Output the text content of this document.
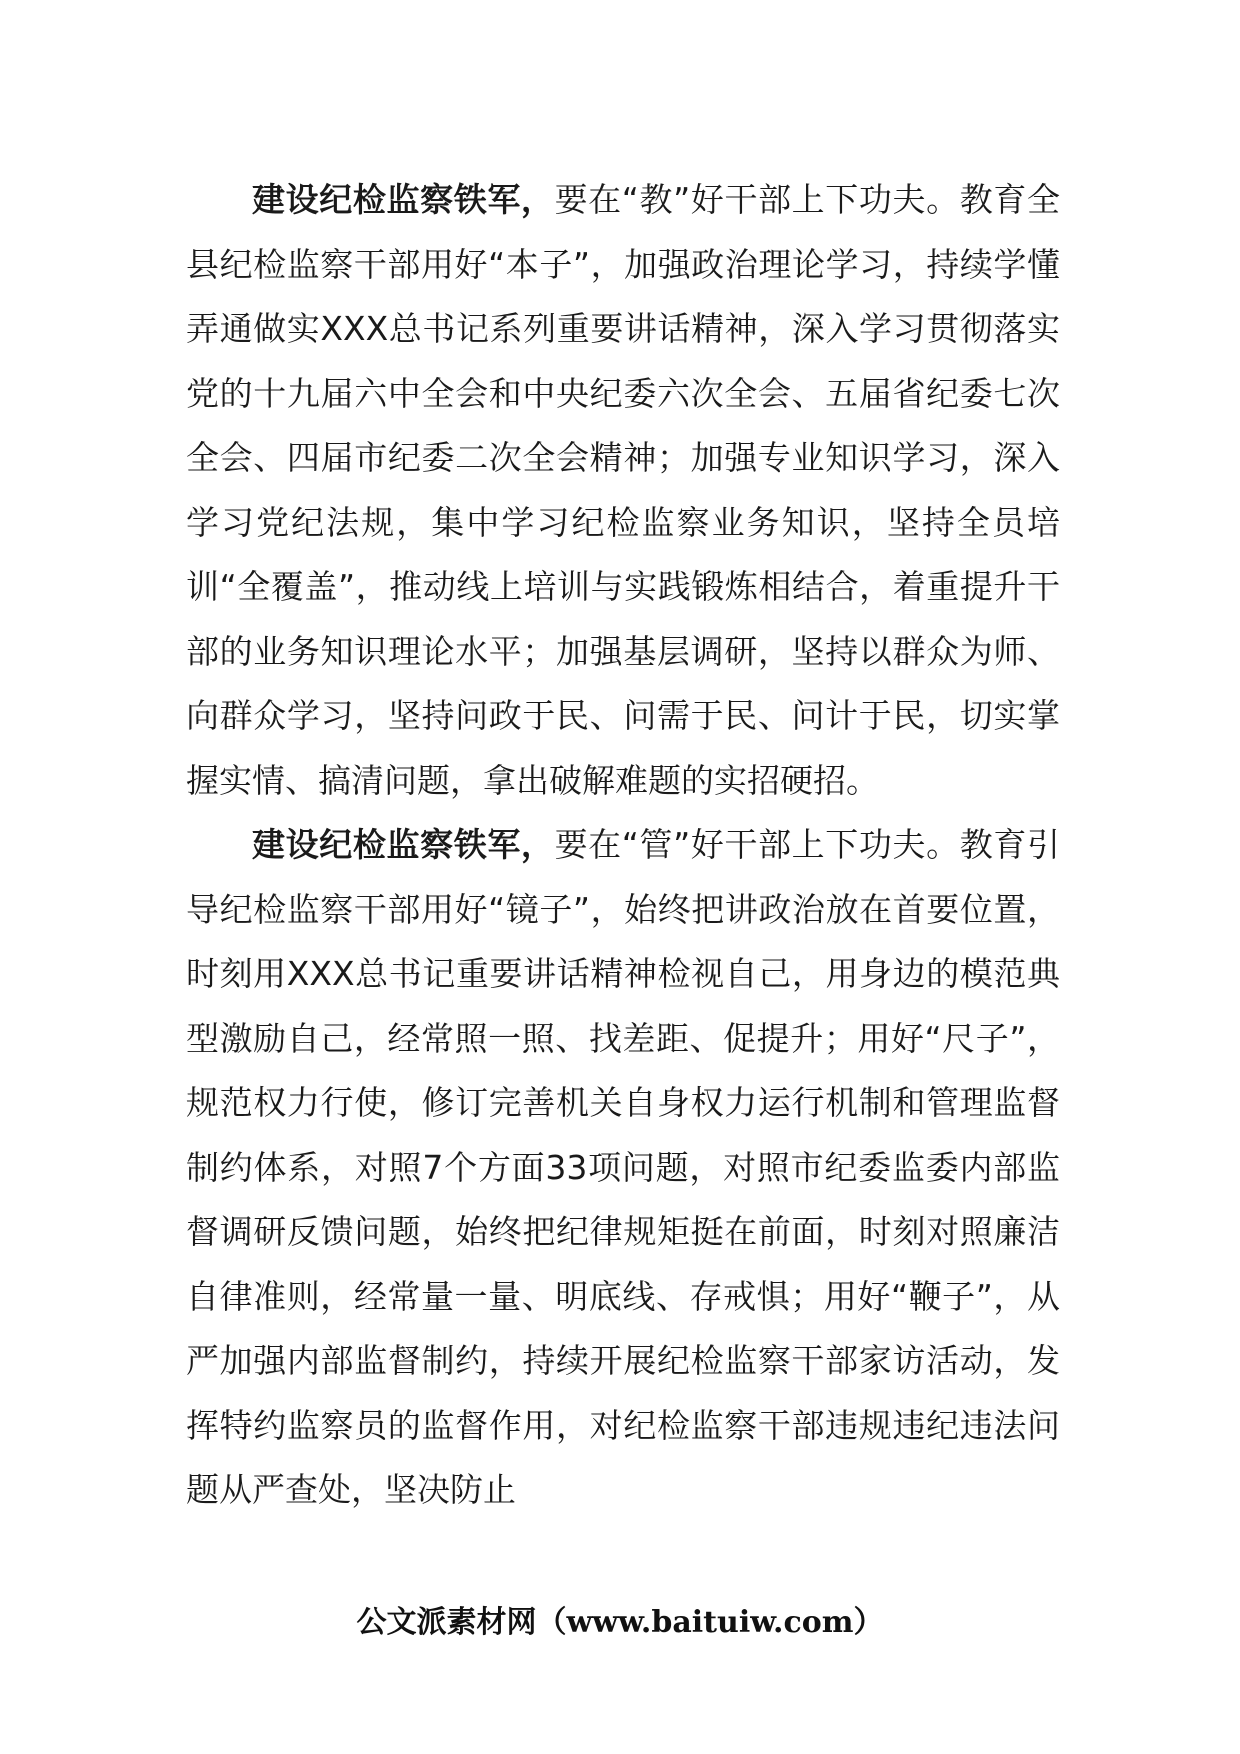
建设纪检监察铁军，要在“教”好干部上下功夫。教育全县纪检监察干部用好“本子”，加强政治理论学习，持续学懂弄通做实XXX总书记系列重要讲话精神，深入学习贯彻落实党的十九届六中全会和中央纪委六次全会、五届省纪委七次全会、四届市纪委二次全会精神；加强专业知识学习，深入学习党纪法规，集中学习纪检监察业务知识，坚持全员培训“全覆盖”，推动线上培训与实践锻炼相结合，着重提升干部的业务知识理论水平；加强基层调研，坚持以群众为师、向群众学习，坚持问政于民、问需于民、问计于民，切实掌握实情、搞清问题，拿出破解难题的实招硬招。

建设纪检监察铁军，要在“管”好干部上下功夫。教育引导纪检监察干部用好“镜子”，始终把讲政治放在首要位置，时刻用XXX总书记重要讲话精神检视自己，用身边的模范典型激励自己，经常照一照、找差距、促提升；用好“尺子”，规范权力行使，修订完善机关自身权力运行机制和管理监督制约体系，对照7个方面33项问题，对照市纪委监委内部监督调研反馈问题，始终把纪律规矩挺在前面，时刻对照廉洁自律准则，经常量一量、明底线、存戒惧；用好“鞭子”，从严加强内部监督制约，持续开展纪检监察干部家访活动，发挥特约监察员的监督作用，对纪检监察干部违规违纪违法问题从严查处，坚决防止

公文派素材网（www.baituiw.com）
